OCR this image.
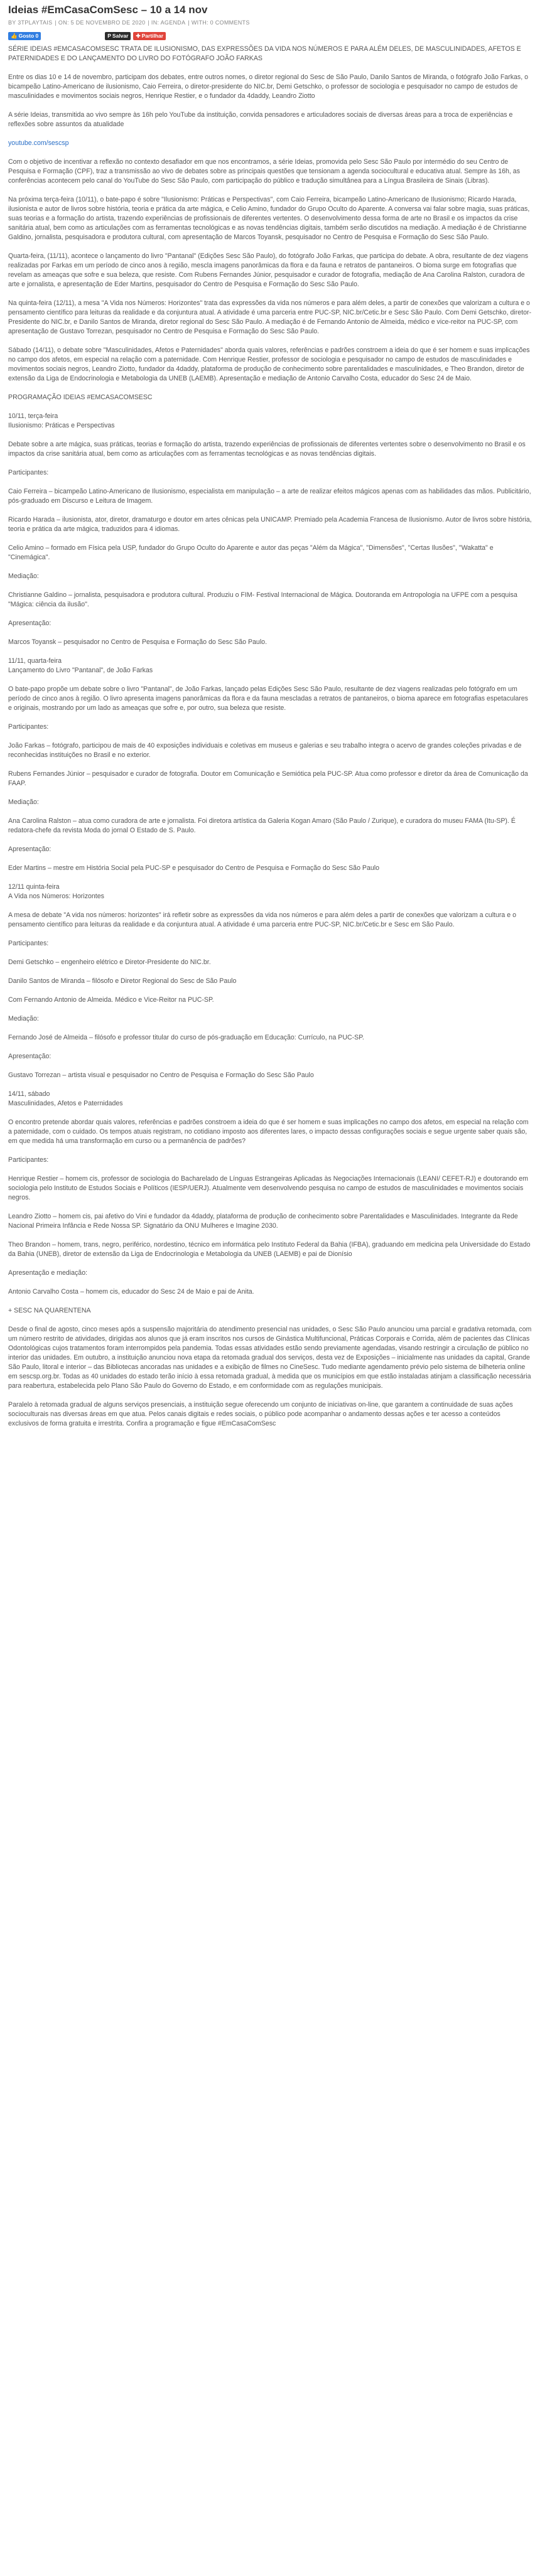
Ideias #EmCasaComSesc – 10 a 14 nov
BY 3TPLAYTAIS | ON: 5 DE NOVEMBRO DE 2020 | IN: AGENDA | WITH: 0 COMMENTS
👍 Gosto 0	P Salvar ✚ Partilhar

SÉRIE IDEIAS #EMCASACOMSESC TRATA DE ILUSIONISMO, DAS EXPRESSÕES DA VIDA NOS NÚMEROS E PARA ALÉM DELES, DE MASCULINIDADES, AFETOS E PATERNIDADES E DO LANÇAMENTO DO LIVRO DO FOTÓGRAFO JOÃO FARKAS

Entre os dias 10 e 14 de novembro, participam dos debates, entre outros nomes, o diretor regional do Sesc de São Paulo, Danilo Santos de Miranda, o fotógrafo João Farkas, o bicampeão Latino-Americano de ilusionismo, Caio Ferreira, o diretor-presidente do NIC.br, Demi Getschko, o professor de sociologia e pesquisador no campo de estudos de masculinidades e movimentos sociais negros, Henrique Restier, e o fundador da 4daddy, Leandro Ziotto

A série Ideias, transmitida ao vivo sempre às 16h pelo YouTube da instituição, convida pensadores e articuladores sociais de diversas áreas para a troca de experiências e reflexões sobre assuntos da atualidade

youtube.com/sescsp

Com o objetivo de incentivar a reflexão no contexto desafiador em que nos encontramos, a série Ideias, promovida pelo Sesc São Paulo por intermédio do seu Centro de Pesquisa e Formação (CPF), traz a transmissão ao vivo de debates sobre as principais questões que tensionam a agenda sociocultural e educativa atual. Sempre às 16h, as conferências acontecem pelo canal do YouTube do Sesc São Paulo, com participação do público e tradução simultânea para a Língua Brasileira de Sinais (Libras).

Na próxima terça-feira (10/11), o bate-papo é sobre "Ilusionismo: Práticas e Perspectivas", com Caio Ferreira, bicampeão Latino-Americano de Ilusionismo; Ricardo Harada, ilusionista e autor de livros sobre história, teoria e prática da arte mágica, e Celio Amino, fundador do Grupo Oculto do Aparente. A conversa vai falar sobre magia, suas práticas, suas teorias e a formação do artista, trazendo experiências de profissionais de diferentes vertentes. O desenvolvimento dessa forma de arte no Brasil e os impactos da crise sanitária atual, bem como as articulações com as ferramentas tecnológicas e as novas tendências digitais, também serão discutidos na mediação. A mediação é de Christianne Galdino, jornalista, pesquisadora e produtora cultural, com apresentação de Marcos Toyansk, pesquisador no Centro de Pesquisa e Formação do Sesc São Paulo.

Quarta-feira, (11/11), acontece o lançamento do livro "Pantanal" (Edições Sesc São Paulo), do fotógrafo João Farkas, que participa do debate. A obra, resultante de dez viagens realizadas por Farkas em um período de cinco anos à região, mescla imagens panorâmicas da flora e da fauna e retratos de pantaneiros. O bioma surge em fotografias que revelam as ameaças que sofre e sua beleza, que resiste. Com Rubens Fernandes Júnior, pesquisador e curador de fotografia, mediação de Ana Carolina Ralston, curadora de arte e jornalista, e apresentação de Eder Martins, pesquisador do Centro de Pesquisa e Formação do Sesc São Paulo.

Na quinta-feira (12/11), a mesa "A Vida nos Números: Horizontes" trata das expressões da vida nos números e para além deles, a partir de conexões que valorizam a cultura e o pensamento científico para leituras da realidade e da conjuntura atual. A atividade é uma parceria entre PUC-SP, NIC.br/Cetic.br e Sesc São Paulo. Com Demi Getschko, diretor-Presidente do NIC.br, e Danilo Santos de Miranda, diretor regional do Sesc São Paulo. A mediação é de Fernando Antonio de Almeida, médico e vice-reitor na PUC-SP, com apresentação de Gustavo Torrezan, pesquisador no Centro de Pesquisa e Formação do Sesc São Paulo.

Sábado (14/11), o debate sobre "Masculinidades, Afetos e Paternidades" aborda quais valores, referências e padrões constroem a ideia do que é ser homem e suas implicações no campo dos afetos, em especial na relação com a paternidade. Com Henrique Restier, professor de sociologia e pesquisador no campo de estudos de masculinidades e movimentos sociais negros, Leandro Ziotto, fundador da 4daddy, plataforma de produção de conhecimento sobre parentalidades e masculinidades, e Theo Brandon, diretor de extensão da Liga de Endocrinologia e Metabologia da UNEB (LAEMB). Apresentação e mediação de Antonio Carvalho Costa, educador do Sesc 24 de Maio.

PROGRAMAÇÃO IDEIAS #EMCASACOMSESC

10/11, terça-feira

Ilusionismo: Práticas e Perspectivas

Debate sobre a arte mágica, suas práticas, teorias e formação do artista, trazendo experiências de profissionais de diferentes vertentes sobre o desenvolvimento no Brasil e os impactos da crise sanitária atual, bem como as articulações com as ferramentas tecnológicas e as novas tendências digitais.

Participantes:

Caio Ferreira – bicampeão Latino-Americano de Ilusionismo, especialista em manipulação – a arte de realizar efeitos mágicos apenas com as habilidades das mãos. Publicitário, pós-graduado em Discurso e Leitura de Imagem.

Ricardo Harada – ilusionista, ator, diretor, dramaturgo e doutor em artes cênicas pela UNICAMP. Premiado pela Academia Francesa de Ilusionismo. Autor de livros sobre história, teoria e prática da arte mágica, traduzidos para 4 idiomas.

Celio Amino – formado em Física pela USP, fundador do Grupo Oculto do Aparente e autor das peças "Além da Mágica", "Dimensões", "Certas Ilusões", "Wakatta" e "Cinemágica".

Mediação:

Christianne Galdino – jornalista, pesquisadora e produtora cultural. Produziu o FIM- Festival Internacional de Mágica. Doutoranda em Antropologia na UFPE com a pesquisa "Mágica: ciência da ilusão".

Apresentação:

Marcos Toyansk – pesquisador no Centro de Pesquisa e Formação do Sesc São Paulo.

11/11, quarta-feira

Lançamento do Livro "Pantanal", de João Farkas

O bate-papo propõe um debate sobre o livro "Pantanal", de João Farkas, lançado pelas Edições Sesc São Paulo, resultante de dez viagens realizadas pelo fotógrafo em um período de cinco anos à região. O livro apresenta imagens panorâmicas da flora e da fauna mescladas a retratos de pantaneiros, o bioma aparece em fotografias espetaculares e originais, mostrando por um lado as ameaças que sofre e, por outro, sua beleza que resiste.

Participantes:

João Farkas – fotógrafo, participou de mais de 40 exposições individuais e coletivas em museus e galerias e seu trabalho integra o acervo de grandes coleções privadas e de reconhecidas instituições no Brasil e no exterior.

Rubens Fernandes Júnior – pesquisador e curador de fotografia. Doutor em Comunicação e Semiótica pela PUC-SP. Atua como professor e diretor da área de Comunicação da FAAP.

Mediação:

Ana Carolina Ralston – atua como curadora de arte e jornalista. Foi diretora artística da Galeria Kogan Amaro (São Paulo / Zurique), e curadora do museu FAMA (Itu-SP). É redatora-chefe da revista Moda do jornal O Estado de S. Paulo.

Apresentação:

Eder Martins – mestre em História Social pela PUC-SP e pesquisador do Centro de Pesquisa e Formação do Sesc São Paulo

12/11 quinta-feira

A Vida nos Números: Horizontes

A mesa de debate "A vida nos números: horizontes" irá refletir sobre as expressões da vida nos números e para além deles a partir de conexões que valorizam a cultura e o pensamento científico para leituras da realidade e da conjuntura atual. A atividade é uma parceria entre PUC-SP, NIC.br/Cetic.br e Sesc em São Paulo.

Participantes:

Demi Getschko – engenheiro elétrico e Diretor-Presidente do NIC.br.

Danilo Santos de Miranda – filósofo e Diretor Regional do Sesc de São Paulo

Com Fernando Antonio de Almeida. Médico e Vice-Reitor na PUC-SP.

Mediação:

Fernando José de Almeida – filósofo e professor titular do curso de pós-graduação em Educação: Currículo, na PUC-SP.

Apresentação:

Gustavo Torrezan – artista visual e pesquisador no Centro de Pesquisa e Formação do Sesc São Paulo

14/11, sábado

Masculinidades, Afetos e Paternidades

O encontro pretende abordar quais valores, referências e padrões constroem a ideia do que é ser homem e suas implicações no campo dos afetos, em especial na relação com a paternidade, com o cuidado. Os tempos atuais registram, no cotidiano imposto aos diferentes lares, o impacto dessas configurações sociais e segue urgente saber quais são, em que medida há uma transformação em curso ou a permanência de padrões?

Participantes:

Henrique Restier – homem cis, professor de sociologia do Bacharelado de Línguas Estrangeiras Aplicadas às Negociações Internacionais (LEANI/ CEFET-RJ) e doutorando em sociologia pelo Instituto de Estudos Sociais e Políticos (IESP/UERJ). Atualmente vem desenvolvendo pesquisa no campo de estudos de masculinidades e movimentos sociais negros.

Leandro Ziotto – homem cis, pai afetivo do Vini e fundador da 4daddy, plataforma de produção de conhecimento sobre Parentalidades e Masculinidades. Integrante da Rede Nacional Primeira Infância e Rede Nossa SP. Signatário da ONU Mulheres e Imagine 2030.

Theo Brandon – homem, trans, negro, periférico, nordestino, técnico em informática pelo Instituto Federal da Bahia (IFBA), graduando em medicina pela Universidade do Estado da Bahia (UNEB), diretor de extensão da Liga de Endocrinologia e Metabologia da UNEB (LAEMB) e pai de Dionísio

Apresentação e mediação:

Antonio Carvalho Costa – homem cis, educador do Sesc 24 de Maio e pai de Anita.

+ SESC NA QUARENTENA

Desde o final de agosto, cinco meses após a suspensão majoritária do atendimento presencial nas unidades, o Sesc São Paulo anunciou uma parcial e gradativa retomada, com um número restrito de atividades, dirigidas aos alunos que já eram inscritos nos cursos de Ginástica Multifuncional, Práticas Corporais e Corrida, além de pacientes das Clínicas Odontológicas cujos tratamentos foram interrompidos pela pandemia. Todas essas atividades estão sendo previamente agendadas, visando restringir a circulação de público no interior das unidades. Em outubro, a instituição anunciou nova etapa da retomada gradual dos serviços, desta vez de Exposições – inicialmente nas unidades da capital, Grande São Paulo, litoral e interior – das Bibliotecas ancoradas nas unidades e a exibição de filmes no CineSesc. Tudo mediante agendamento prévio pelo sistema de bilheteria online em sescsp.org.br. Todas as 40 unidades do estado terão início à essa retomada gradual, à medida que os municípios em que estão instaladas atinjam a classificação necessária para reabertura, estabelecida pelo Plano São Paulo do Governo do Estado, e em conformidade com as regulações municipais.

Paralelo à retomada gradual de alguns serviços presenciais, a instituição segue oferecendo um conjunto de iniciativas on-line, que garantem a continuidade de suas ações socioculturais nas diversas áreas em que atua. Pelos canais digitais e redes sociais, o público pode acompanhar o andamento dessas ações e ter acesso a conteúdos exclusivos de forma gratuita e irrestrita. Confira a programação e figue #EmCasaComSesc
